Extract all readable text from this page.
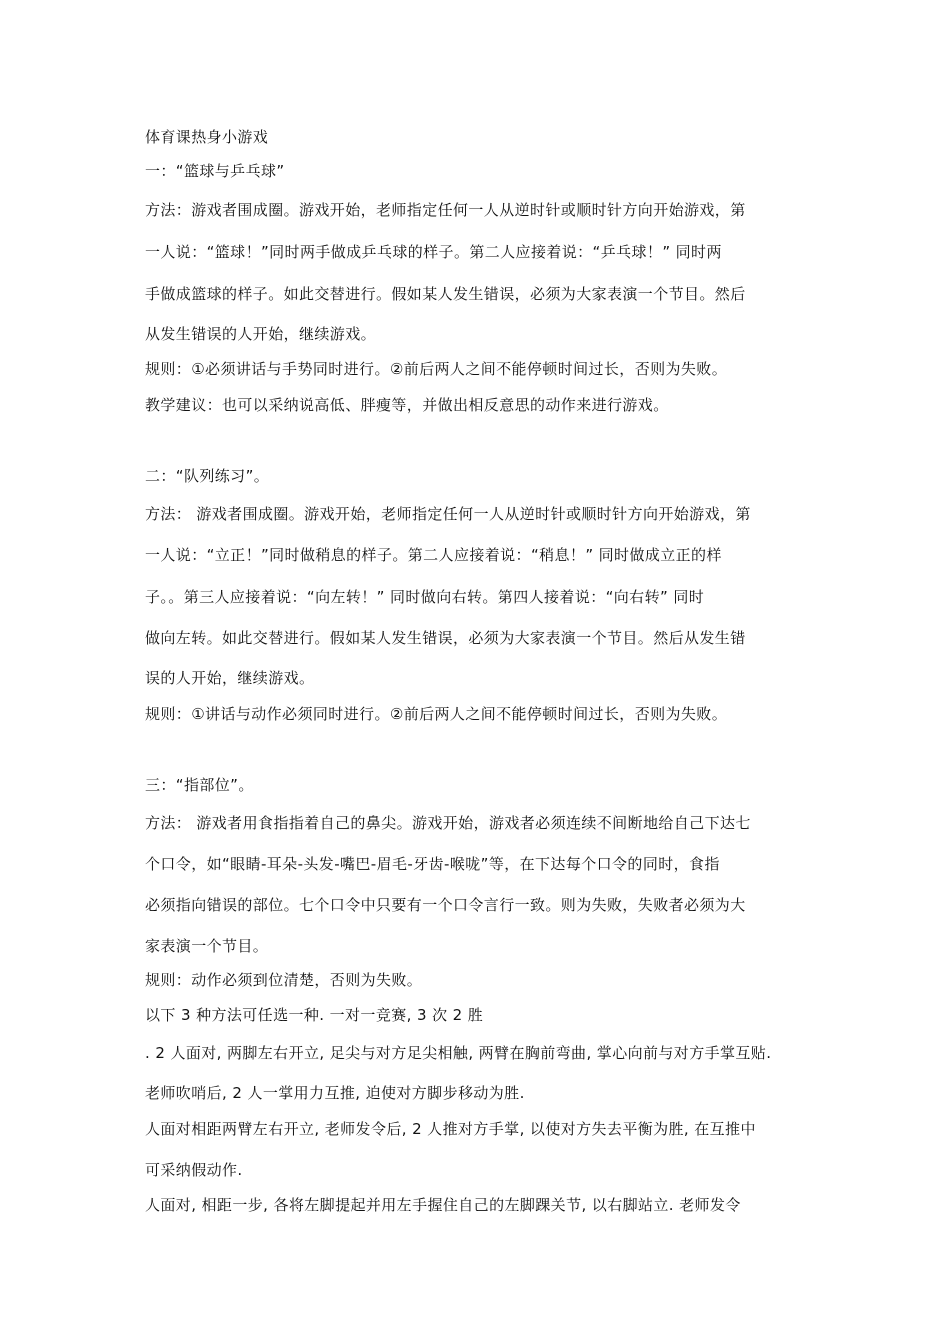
体育课热身小游戏
一：“篮球与乒乓球”
方法：游戏者围成圈。游戏开始，老师指定任何一人从逆时针或顺时针方向开始游戏，第
一人说：“篮球！”同时两手做成乒乓球的样子。第二人应接着说：“乒乓球！” 同时两
手做成篮球的样子。如此交替进行。假如某人发生错误，必须为大家表演一个节目。然后
从发生错误的人开始，继续游戏。
规则：①必须讲话与手势同时进行。②前后两人之间不能停顿时间过长，否则为失败。
教学建议：也可以采纳说高低、胖瘦等，并做出相反意思的动作来进行游戏。
二：“队列练习”。
方法： 游戏者围成圈。游戏开始，老师指定任何一人从逆时针或顺时针方向开始游戏，第
一人说：“立正！”同时做稍息的样子。第二人应接着说：“稍息！” 同时做成立正的样
子。。第三人应接着说：“向左转！” 同时做向右转。第四人接着说：“向右转” 同时
做向左转。如此交替进行。假如某人发生错误，必须为大家表演一个节目。然后从发生错
误的人开始，继续游戏。
规则：①讲话与动作必须同时进行。②前后两人之间不能停顿时间过长，否则为失败。
三：“指部位”。
方法： 游戏者用食指指着自己的鼻尖。游戏开始，游戏者必须连续不间断地给自己下达七
个口令，如“眼睛-耳朵-头发-嘴巴-眉毛-牙齿-喉咙”等，在下达每个口令的同时，食指
必须指向错误的部位。七个口令中只要有一个口令言行一致。则为失败，失败者必须为大
家表演一个节目。
规则：动作必须到位清楚，否则为失败。
以下 3 种方法可任选一种. 一对一竞赛, 3 次 2 胜
. 2 人面对, 两脚左右开立, 足尖与对方足尖相触, 两臂在胸前弯曲, 掌心向前与对方手掌互贴.
老师吹哨后, 2 人一掌用力互推, 迫使对方脚步移动为胜.
人面对相距两臂左右开立, 老师发令后, 2 人推对方手掌, 以使对方失去平衡为胜, 在互推中
可采纳假动作.
人面对, 相距一步, 各将左脚提起并用左手握住自己的左脚踝关节, 以右脚站立. 老师发令
